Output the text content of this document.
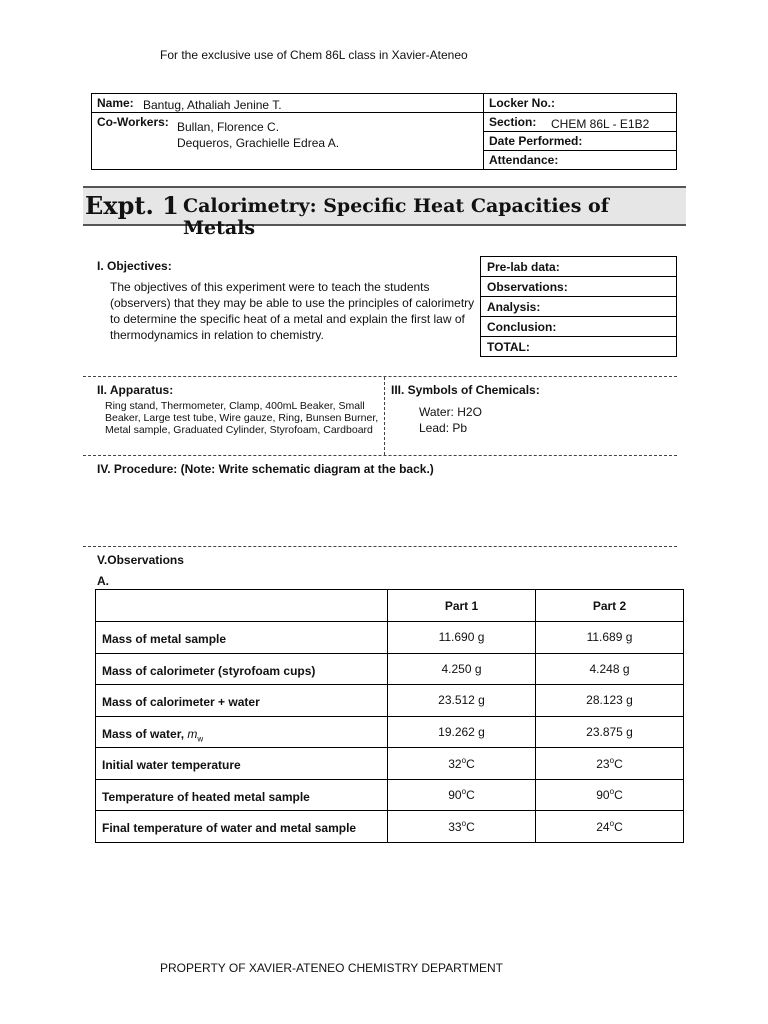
For the exclusive use of Chem 86L class in Xavier-Ateneo
Name: Bantug, Athaliah Jenine T.
Co-Workers: Bullan, Florence C.
Dequeros, Grachielle Edrea A.
Locker No.:
Section: CHEM 86L - E1B2
Date Performed:
Attendance:
Expt. 1 Calorimetry: Specific Heat Capacities of Metals
I. Objectives:
The objectives of this experiment were to teach the students (observers) that they may be able to use the principles of calorimetry to determine the specific heat of a metal and explain the first law of thermodynamics in relation to chemistry.
Pre-lab data:
Observations:
Analysis:
Conclusion:
TOTAL:
II. Apparatus:
Ring stand, Thermometer, Clamp, 400mL Beaker, Small Beaker, Large test tube, Wire gauze, Ring, Bunsen Burner, Metal sample, Graduated Cylinder, Styrofoam, Cardboard
III. Symbols of Chemicals:
Water: H2O
Lead: Pb
IV. Procedure: (Note: Write schematic diagram at the back.)
V.Observations
A.
	Part 1	Part 2
Mass of metal sample	11.690 g	11.689 g
Mass of calorimeter (styrofoam cups)	4.250 g	4.248 g
Mass of calorimeter + water	23.512 g	28.123 g
Mass of water, $m_w$	19.262 g	23.875 g
Initial water temperature	32$^o$C	23$^o$C
Temperature of heated metal sample	90$^o$C	90$^o$C
Final temperature of water and metal sample	33$^o$C	24$^o$C
PROPERTY OF XAVIER-ATENEO CHEMISTRY DEPARTMENT
